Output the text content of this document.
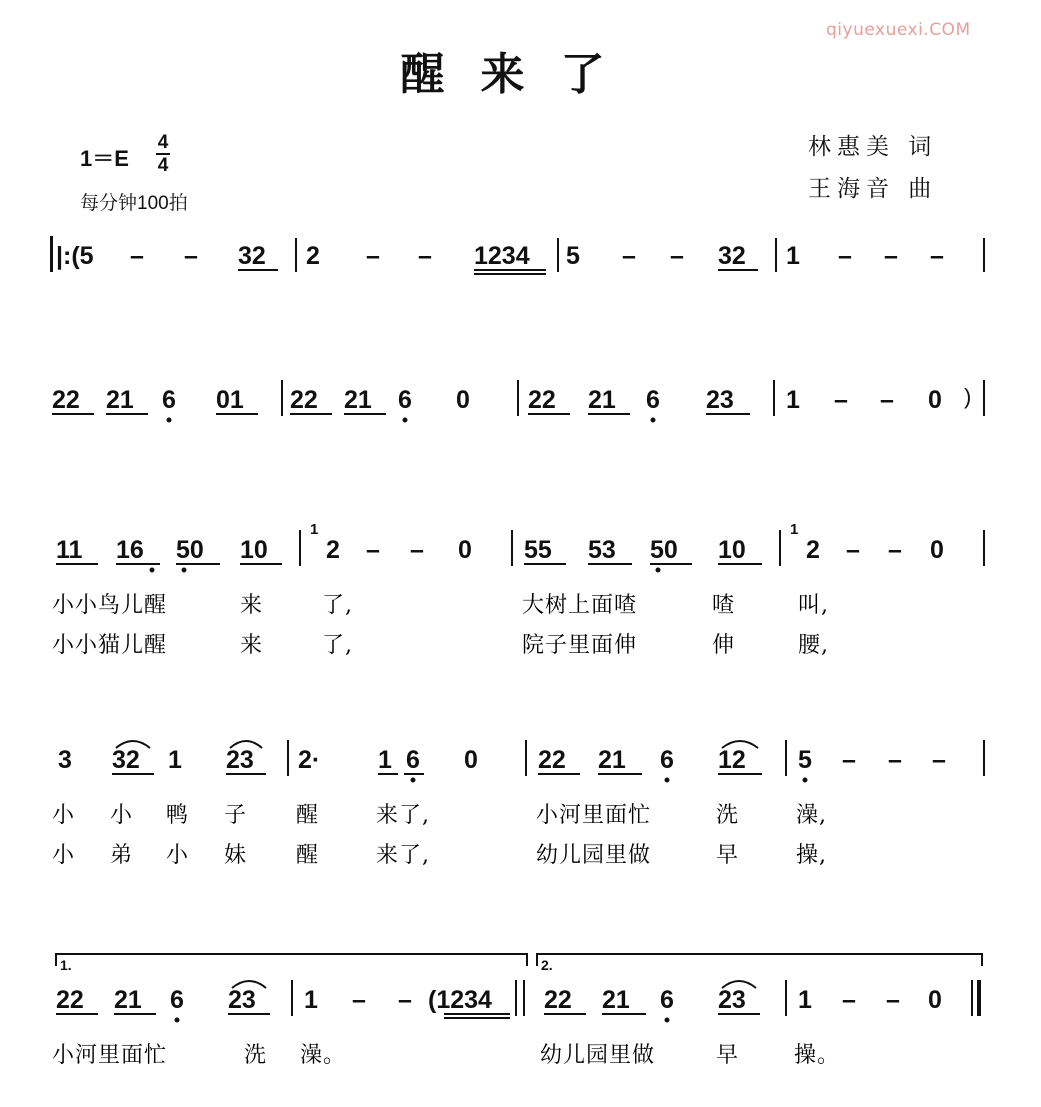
qiyuexuexi.COM
醒来了
$1=E \frac{4}{4}$
每分钟100拍
林惠美 词
王海音 曲
|:(5 – – 32 2 – – 1234 5 – – 32 1 – – –
22 21 6 01 22 21 6 0 22 21 6 23 1 – – 0 )
11 16 50 10
1
2 – – 0 55 53 50 10
1
2 – – 0
3 32 1 23 2· 1 6 0 22 21 6 12 5 – – –
1.	2.
22 21 6 23 1 – – (1234 22 21 6 23 1 – – 0
小小鸟儿醒	来	了,	大树上面喳	喳	叫,
小小猫儿醒	来	了,	院子里面伸	伸	腰,
小 小 鸭 子 醒	来了,	小河里面忙	洗	澡,
小 弟 小 妹 醒	来了,	幼儿园里做	早	操,
小河里面忙	洗 澡。	幼儿园里做	早 操。
